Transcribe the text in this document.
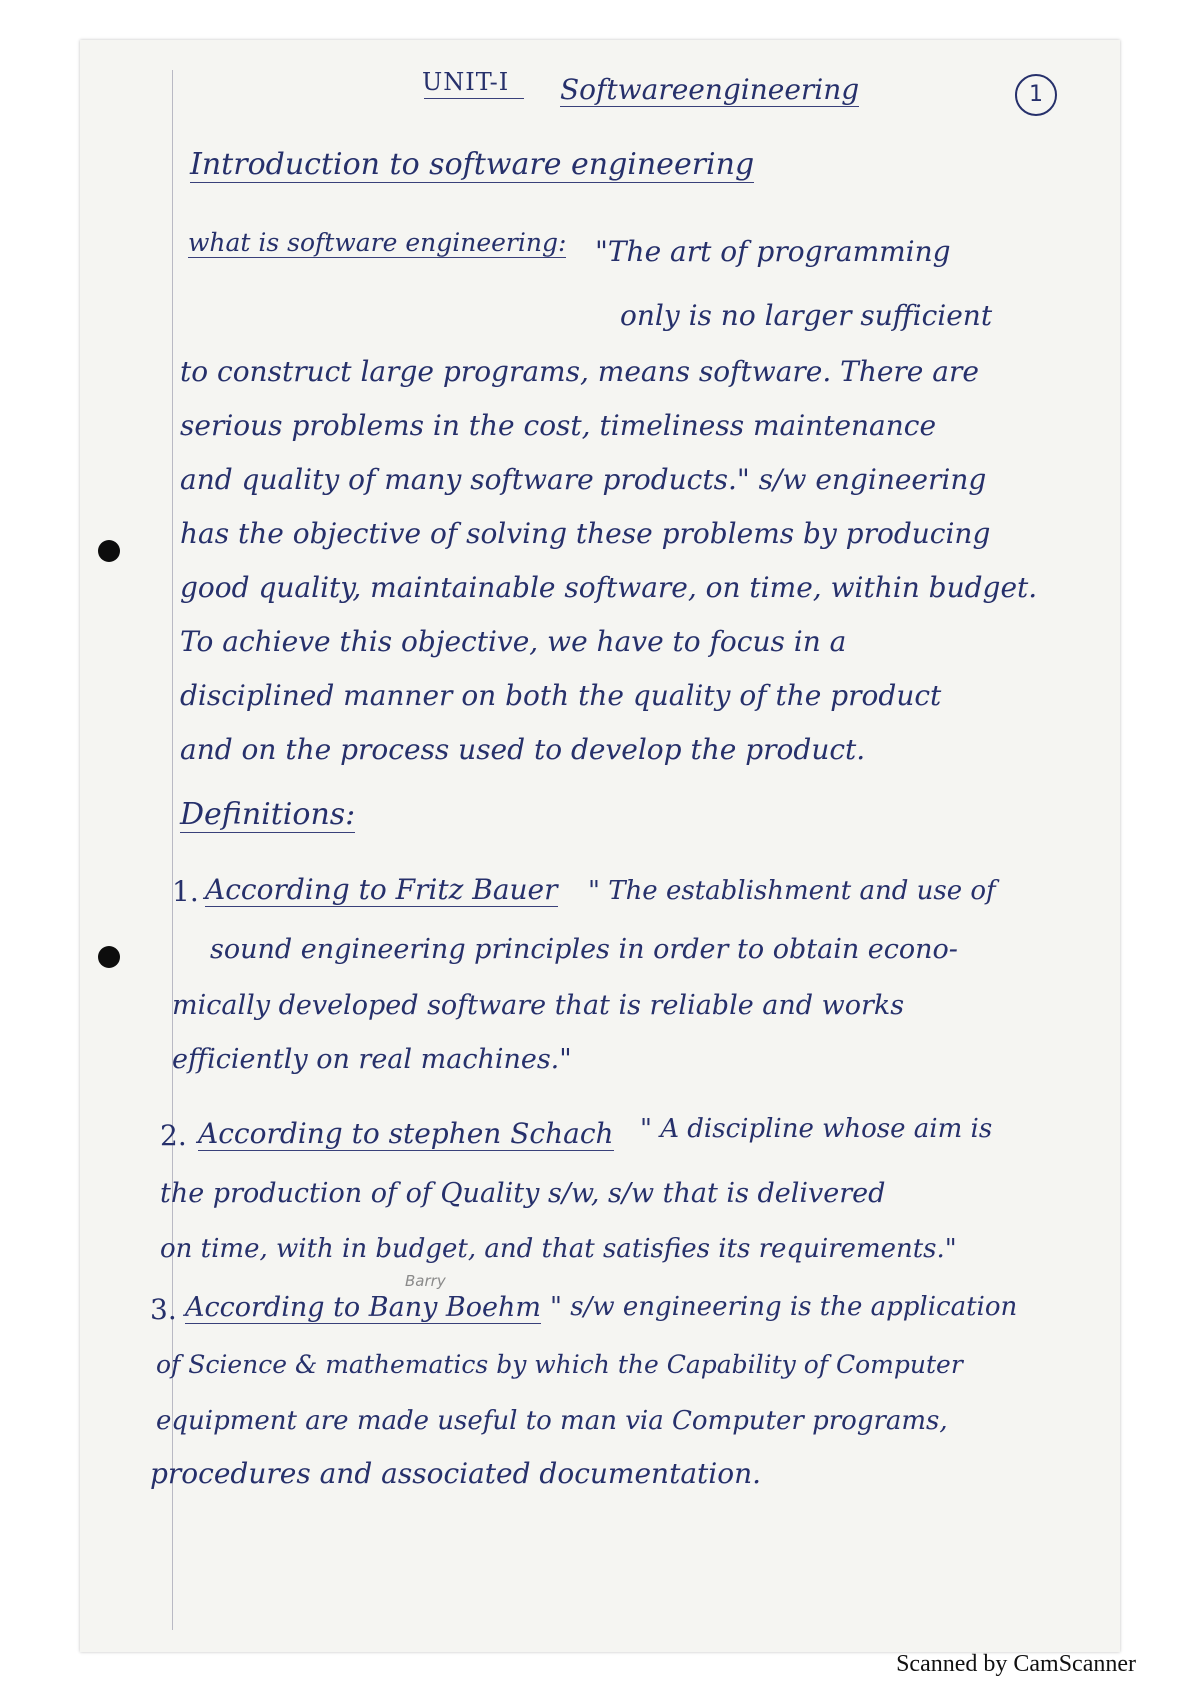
UNIT-I Softwareengineering	1
Introduction to software engineering
what is software engineering: "The art of programming
only is no larger sufficient
to construct large programs, means software. There are
serious problems in the cost, timeliness maintenance
and quality of many software products." s/w engineering
has the objective of solving these problems by producing
good quality, maintainable software, on time, within budget.
To achieve this objective, we have to focus in a
disciplined manner on both the quality of the product
and on the process used to develop the product.
Definitions:
1. According to Fritz Bauer " The establishment and use of
sound engineering principles in order to obtain econo-
mically developed software that is reliable and works
efficiently on real machines."
2. According to stephen Schach " A discipline whose aim is
the production of of Quality s/w, s/w that is delivered
on time, with in budget, and that satisfies its requirements."
Barry
3. According to Bany Boehm " s/w engineering is the application
of Science & mathematics by which the Capability of Computer
equipment are made useful to man via Computer programs,
procedures and associated documentation.
Scanned by CamScanner
